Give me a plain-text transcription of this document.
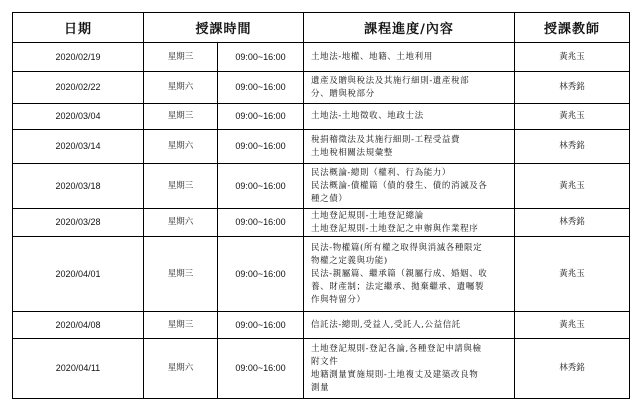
日期	授課時間		課程進度/內容	授課教師
2020/02/19	星期三	09:00~16:00	土地法-地權、地籍、土地利用	黃兆玉
2020/02/22	星期六	09:00~16:00	遺產及贈與稅法及其施行細則-遺產稅部
分、贈與稅部分	林秀銘
2020/03/04	星期三	09:00~16:00	土地法-土地徵收、地政士法	黃兆玉
2020/03/14	星期六	09:00~16:00	稅捐稽徵法及其施行細則-工程受益費
土地稅相關法規彙整	林秀銘
2020/03/18	星期三	09:00~16:00	民法概論-總則（權利、行為能力）
民法概論-債權篇（債的發生、債的消滅及各
種之債）	黃兆玉
2020/03/28	星期六	09:00~16:00	土地登記規則-土地登記總論
土地登記規則-土地登記之申辦與作業程序	林秀銘
2020/04/01	星期三	09:00~16:00	民法-物權篇(所有權之取得與消滅各種限定
物權之定義與功能)
民法-親屬篇、繼承篇（親屬行成、婚姻、收
養、財產制；法定繼承、拋棄繼承、遺囑製
作與特留分）	黃兆玉
2020/04/08	星期三	09:00~16:00	信託法-總則,受益人,受託人,公益信託	黃兆玉
2020/04/11	星期六	09:00~16:00	土地登記規則-登記各論,各種登記申請與檢
附文件
地籍測量實施規則-土地複丈及建築改良物
測量	林秀銘
